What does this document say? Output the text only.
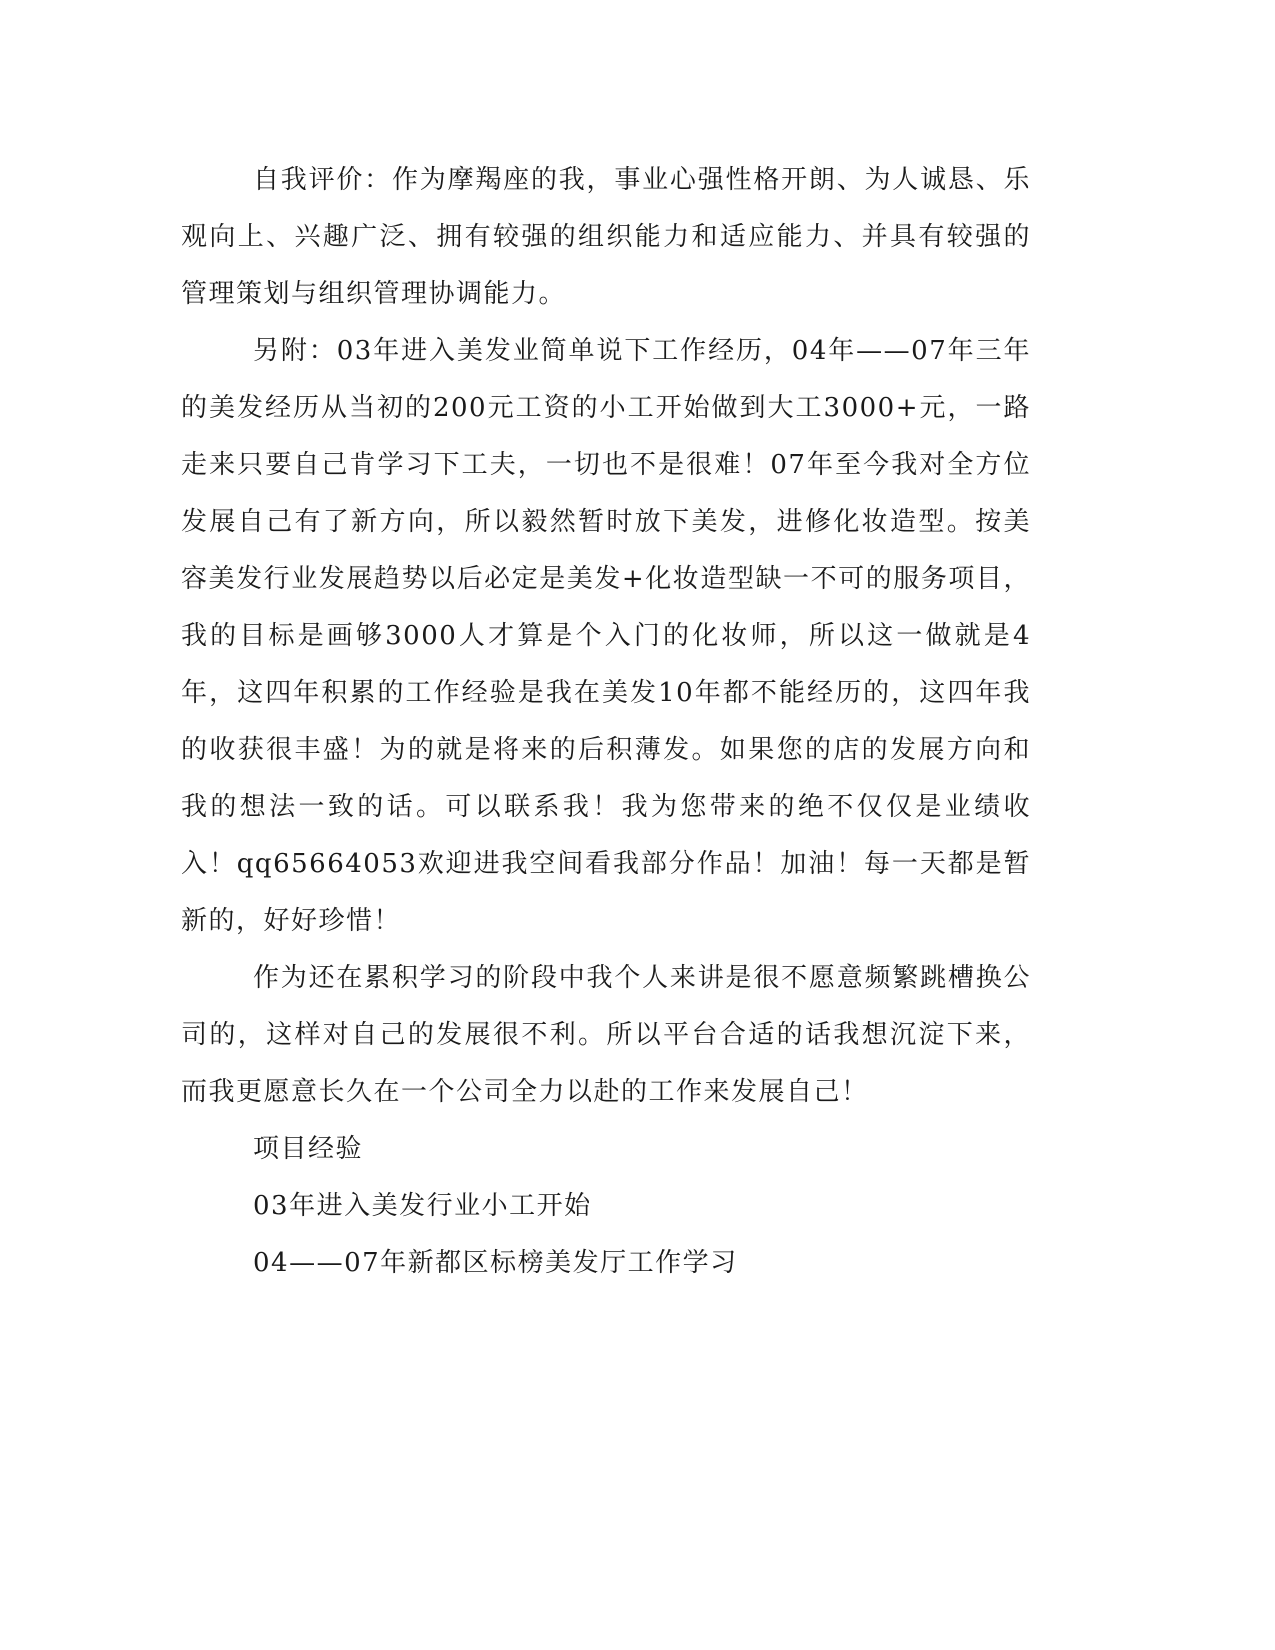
自我评价：作为摩羯座的我，事业心强性格开朗、为人诚恳、乐观向上、兴趣广泛、拥有较强的组织能力和适应能力、并具有较强的管理策划与组织管理协调能力。

另附：03年进入美发业简单说下工作经历，04年——07年三年的美发经历从当初的200元工资的小工开始做到大工3000+元，一路走来只要自己肯学习下工夫，一切也不是很难！07年至今我对全方位发展自己有了新方向，所以毅然暂时放下美发，进修化妆造型。按美容美发行业发展趋势以后必定是美发+化妆造型缺一不可的服务项目，我的目标是画够3000人才算是个入门的化妆师，所以这一做就是4年，这四年积累的工作经验是我在美发10年都不能经历的，这四年我的收获很丰盛！为的就是将来的后积薄发。如果您的店的发展方向和我的想法一致的话。可以联系我！我为您带来的绝不仅仅是业绩收入！qq65664053欢迎进我空间看我部分作品！加油！每一天都是暂新的，好好珍惜！

作为还在累积学习的阶段中我个人来讲是很不愿意频繁跳槽换公司的，这样对自己的发展很不利。所以平台合适的话我想沉淀下来，而我更愿意长久在一个公司全力以赴的工作来发展自己！

项目经验

03年进入美发行业小工开始

04——07年新都区标榜美发厅工作学习
